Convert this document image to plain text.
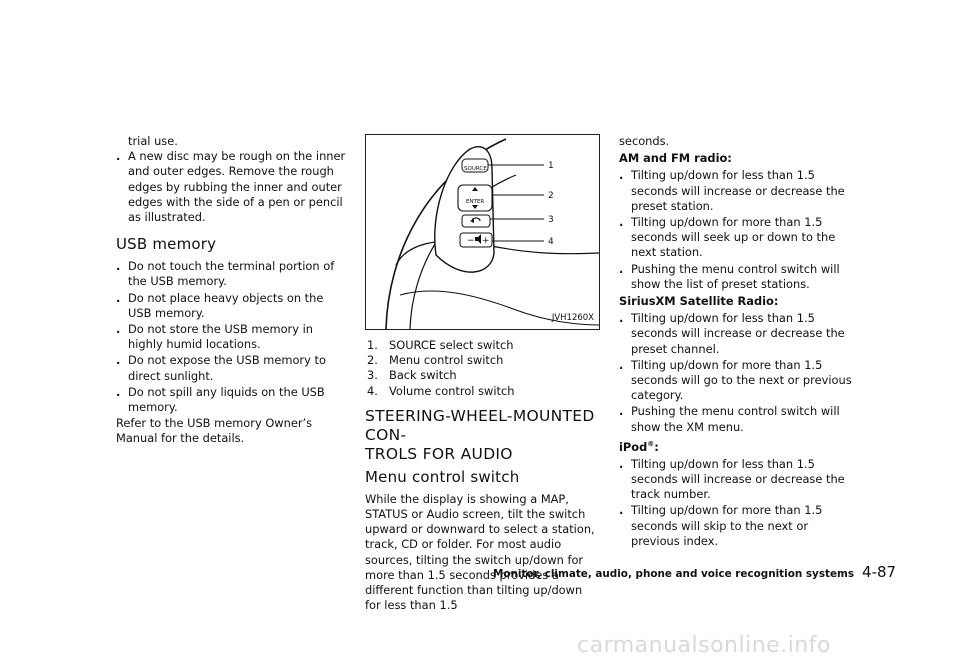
trial use.

. A new disc may be rough on the inner and outer edges. Remove the rough edges by rubbing the inner and outer edges with the side of a pen or pencil as illustrated.
USB memory
. Do not touch the terminal portion of the USB memory.
. Do not place heavy objects on the USB memory.
. Do not store the USB memory in highly humid locations.
. Do not expose the USB memory to direct sunlight.
. Do not spill any liquids on the USB memory.

Refer to the USB memory Owner’s Manual for the details.

− +
SOURCE
ENTER
1
2
3
4
JVH1260X
1. SOURCE select switch
2. Menu control switch
3. Back switch
4. Volume control switch
STEERING-WHEEL-MOUNTED CON-
TROLS FOR AUDIO
Menu control switch

While the display is showing a MAP, STATUS or Audio screen, tilt the switch upward or downward to select a station, track, CD or folder. For most audio sources, tilting the switch up/down for more than 1.5 seconds provides a different function than tilting up/down for less than 1.5

seconds.

AM and FM radio:

. Tilting up/down for less than 1.5 seconds will increase or decrease the preset station.
. Tilting up/down for more than 1.5 seconds will seek up or down to the next station.
. Pushing the menu control switch will show the list of preset stations.

SiriusXM Satellite Radio:

. Tilting up/down for less than 1.5 seconds will increase or decrease the preset channel.
. Tilting up/down for more than 1.5 seconds will go to the next or previous category.
. Pushing the menu control switch will show the XM menu.

iPod®:

. Tilting up/down for less than 1.5 seconds will increase or decrease the track number.
. Tilting up/down for more than 1.5 seconds will skip to the next or previous index.
Monitor, climate, audio, phone and voice recognition systems 4-87
carmanualsonline.info
